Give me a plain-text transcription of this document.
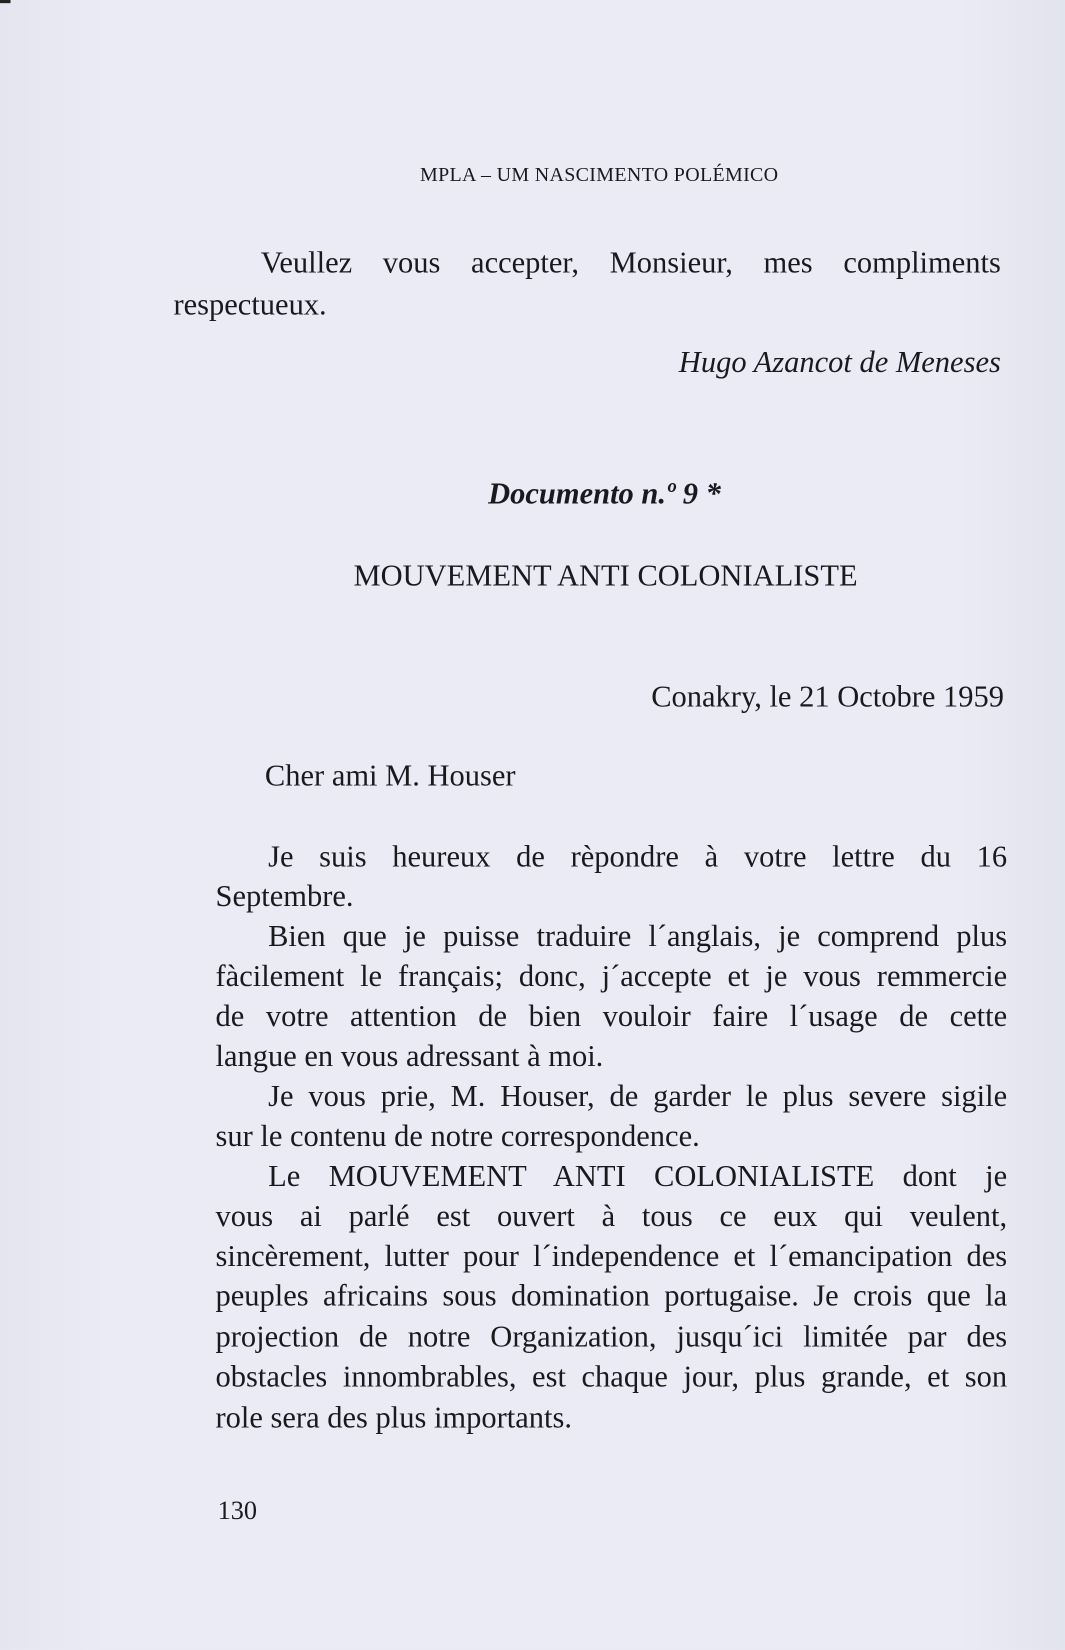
MPLA – UM NASCIMENTO POLÉMICO
Veullez vous accepter, Monsieur, mes compliments
respectueux.
Hugo Azancot de Meneses
Documento n.º 9 *
MOUVEMENT ANTI COLONIALISTE
Conakry, le 21 Octobre 1959
Cher ami M. Houser
Je suis heureux de rèpondre à votre lettre du 16
Septembre.
Bien que je puisse traduire l´anglais, je comprend plus
fàcilement le français; donc, j´accepte et je vous remmercie
de votre attention de bien vouloir faire l´usage de cette
langue en vous adressant à moi.
Je vous prie, M. Houser, de garder le plus severe sigile
sur le contenu de notre correspondence.
Le MOUVEMENT ANTI COLONIALISTE dont je
vous ai parlé est ouvert à tous ce eux qui veulent,
sincèrement, lutter pour l´independence et l´emancipation des
peuples africains sous domination portugaise. Je crois que la
projection de notre Organization, jusqu´ici limitée par des
obstacles innombrables, est chaque jour, plus grande, et son
role sera des plus importants.
130
